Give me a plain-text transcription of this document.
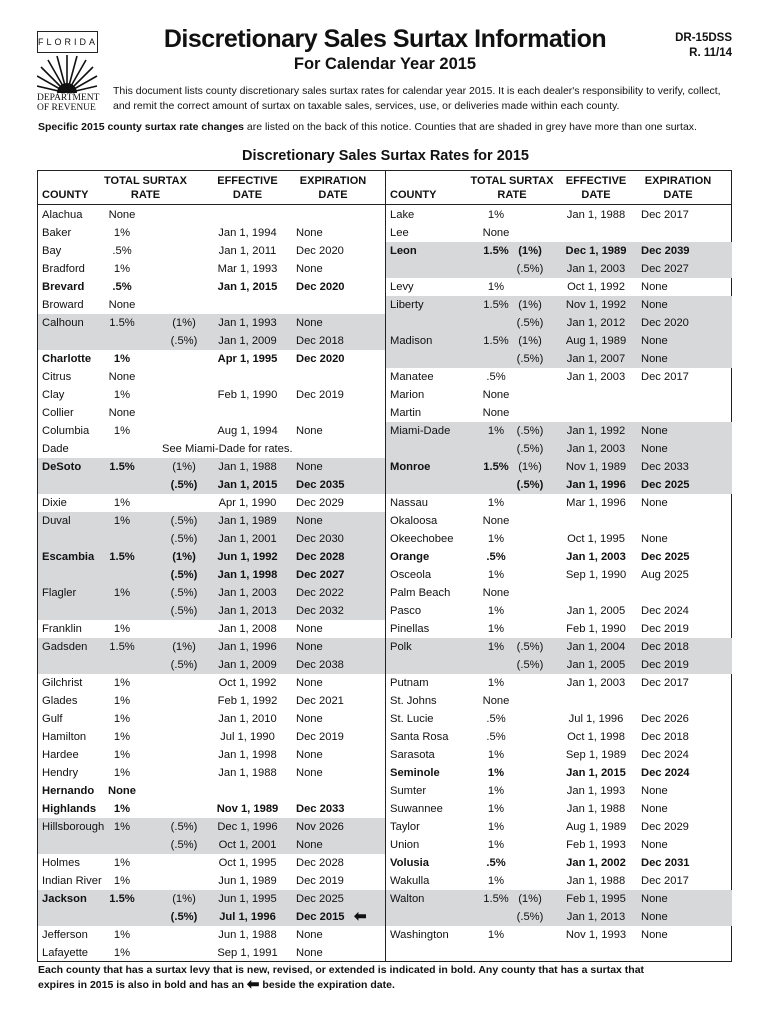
FLORIDA
DEPARTMENT
OF REVENUE
Discretionary Sales Surtax Information
For Calendar Year 2015
DR-15DSS
R. 11/14
This document lists county discretionary sales surtax rates for calendar year 2015. It is each dealer's responsibility to verify, collect, and remit the correct amount of surtax on taxable sales, services, use, or deliveries made within each county.
Specific 2015 county surtax rate changes are listed on the back of this notice. Counties that are shaded in grey have more than one surtax.
Discretionary Sales Surtax Rates for 2015
COUNTY
TOTAL SURTAX
RATE
EFFECTIVE
DATE
EXPIRATION
DATE
Alachua	None
Baker	1%	Jan 1, 1994	None
Bay	.5%	Jan 1, 2011	Dec 2020
Bradford	1%	Mar 1, 1993	None
Brevard	.5%	Jan 1, 2015	Dec 2020
Broward	None
Calhoun	1.5%	(1%)	Jan 1, 1993	None
(.5%)	Jan 1, 2009	Dec 2018
Charlotte	1%	Apr 1, 1995	Dec 2020
Citrus	None
Clay	1%	Feb 1, 1990	Dec 2019
Collier	None
Columbia	1%	Aug 1, 1994	None
Dade	See Miami-Dade for rates.
DeSoto	1.5%	(1%)	Jan 1, 1988	None
(.5%)	Jan 1, 2015	Dec 2035
Dixie	1%	Apr 1, 1990	Dec 2029
Duval	1%	(.5%)	Jan 1, 1989	None
(.5%)	Jan 1, 2001	Dec 2030
Escambia	1.5%	(1%)	Jun 1, 1992	Dec 2028
(.5%)	Jan 1, 1998	Dec 2027
Flagler	1%	(.5%)	Jan 1, 2003	Dec 2022
(.5%)	Jan 1, 2013	Dec 2032
Franklin	1%	Jan 1, 2008	None
Gadsden	1.5%	(1%)	Jan 1, 1996	None
(.5%)	Jan 1, 2009	Dec 2038
Gilchrist	1%	Oct 1, 1992	None
Glades	1%	Feb 1, 1992	Dec 2021
Gulf	1%	Jan 1, 2010	None
Hamilton	1%	Jul 1, 1990	Dec 2019
Hardee	1%	Jan 1, 1998	None
Hendry	1%	Jan 1, 1988	None
Hernando	None
Highlands	1%	Nov 1, 1989	Dec 2033
Hillsborough 1%	(.5%)	Dec 1, 1996	Nov 2026
(.5%)	Oct 1, 2001	None
Holmes	1%	Oct 1, 1995	Dec 2028
Indian River	1%	Jun 1, 1989	Dec 2019
Jackson	1.5%	(1%)	Jun 1, 1995	Dec 2025
(.5%)	Jul 1, 1996	Dec 2015 ⬅
Jefferson	1%	Jun 1, 1988	None
Lafayette	1%	Sep 1, 1991	None
COUNTY
TOTAL SURTAX
RATE
EFFECTIVE
DATE
EXPIRATION
DATE
Lake	1%	Jan 1, 1988	Dec 2017
Lee	None
Leon	1.5% (1%)	Dec 1, 1989	Dec 2039
(.5%)	Jan 1, 2003	Dec 2027
Levy	1%	Oct 1, 1992	None
Liberty	1.5% (1%)	Nov 1, 1992	None
(.5%)	Jan 1, 2012	Dec 2020
Madison	1.5% (1%)	Aug 1, 1989	None
(.5%)	Jan 1, 2007	None
Manatee	.5%	Jan 1, 2003	Dec 2017
Marion	None
Martin	None
Miami-Dade	1%	(.5%)	Jan 1, 1992	None
(.5%)	Jan 1, 2003	None
Monroe	1.5% (1%)	Nov 1, 1989	Dec 2033
(.5%)	Jan 1, 1996	Dec 2025
Nassau	1%	Mar 1, 1996	None
Okaloosa	None
Okeechobee	1%	Oct 1, 1995	None
Orange	.5%	Jan 1, 2003	Dec 2025
Osceola	1%	Sep 1, 1990	Aug 2025
Palm Beach	None
Pasco	1%	Jan 1, 2005	Dec 2024
Pinellas	1%	Feb 1, 1990	Dec 2019
Polk	1%	(.5%)	Jan 1, 2004	Dec 2018
(.5%)	Jan 1, 2005	Dec 2019
Putnam	1%	Jan 1, 2003	Dec 2017
St. Johns	None
St. Lucie	.5%	Jul 1, 1996	Dec 2026
Santa Rosa	.5%	Oct 1, 1998	Dec 2018
Sarasota	1%	Sep 1, 1989	Dec 2024
Seminole	1%	Jan 1, 2015	Dec 2024
Sumter	1%	Jan 1, 1993	None
Suwannee	1%	Jan 1, 1988	None
Taylor	1%	Aug 1, 1989	Dec 2029
Union	1%	Feb 1, 1993	None
Volusia	.5%	Jan 1, 2002	Dec 2031
Wakulla	1%	Jan 1, 1988	Dec 2017
Walton	1.5% (1%)	Feb 1, 1995	None
(.5%)	Jan 1, 2013	None
Washington	1%	Nov 1, 1993	None
Each county that has a surtax levy that is new, revised, or extended is indicated in bold. Any county that has a surtax that
expires in 2015 is also in bold and has an ⬅ beside the expiration date.
